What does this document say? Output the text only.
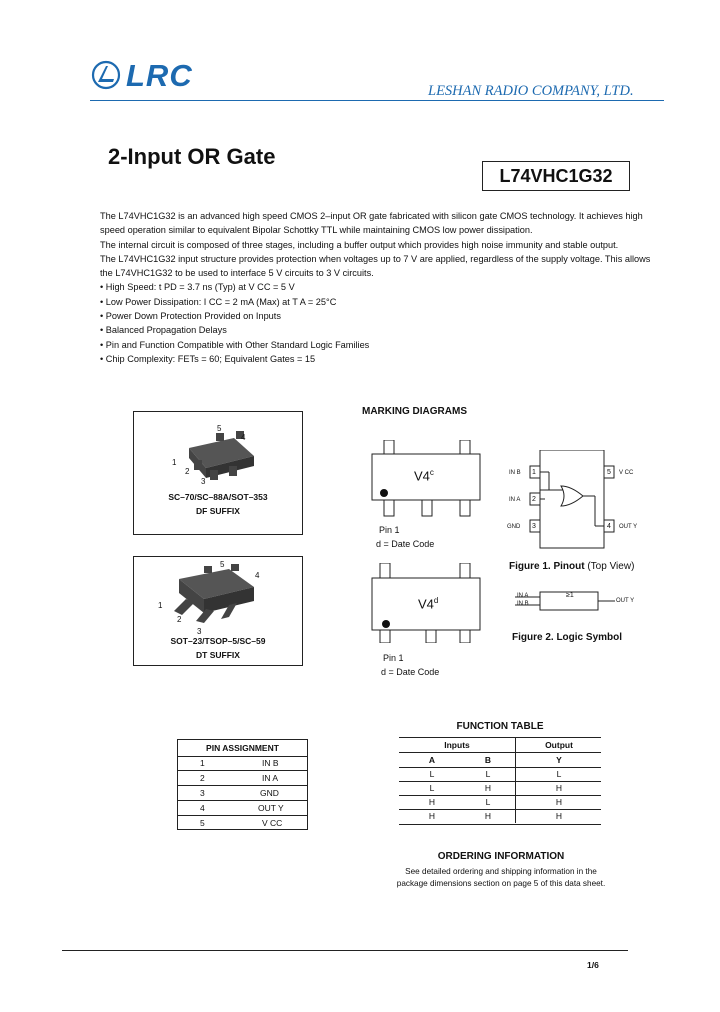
LRC	LESHAN RADIO COMPANY, LTD.
2-Input OR Gate
L74VHC1G32

The L74VHC1G32 is an advanced high speed CMOS 2–input OR gate fabricated with silicon gate CMOS technology. It achieves high speed operation similar to equivalent Bipolar Schottky TTL while maintaining CMOS low power dissipation.

The internal circuit is composed of three stages, including a buffer output which provides high noise immunity and stable output.

The L74VHC1G32 input structure provides protection when voltages up to 7 V are applied, regardless of the supply voltage. This allows the L74VHC1G32 to be used to interface 5 V circuits to 3 V circuits.

• High Speed: t PD = 3.7 ns (Typ) at V CC = 5 V

• Low Power Dissipation: I CC = 2 mA (Max) at T A = 25°C

• Power Down Protection Provided on Inputs

• Balanced Propagation Delays

• Pin and Function Compatible with Other Standard Logic Families

• Chip Complexity: FETs = 60; Equivalent Gates = 15

5
4
1
2
3
SC–70/SC–88A/SOT–353
DF SUFFIX
5
4
1
2
3
SOT–23/TSOP–5/SC–59
DT SUFFIX
MARKING DIAGRAMS
V4$^c$
Pin 1
d = Date Code
V4$^d$
Pin 1
d = Date Code
IN B 1
IN A 2
GND 3
5 V CC
4 OUT Y
Figure 1. Pinout (Top View)
IN A
IN B
≥1
OUT Y
Figure 2. Logic Symbol
PIN ASSIGNMENT
1	IN B
2	IN A
3	GND
4	OUT Y
5	V CC
FUNCTION TABLE
Inputs	Output
A	B	Y
L	L	L
L	H	H
H	L	H
H	H	H
ORDERING INFORMATION
See detailed ordering and shipping information in the package dimensions section on page 5 of this data sheet.
1/6
